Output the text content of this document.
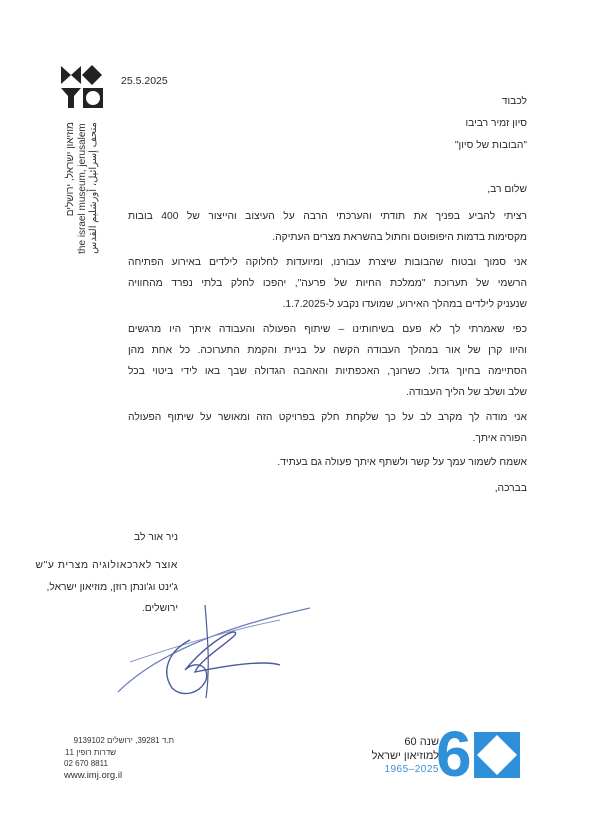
מוזיאון ישראל, ירושלים the israel museum, jerusalem متحف إسرائيل، أورشليم القدس
25.5.2025
לכבוד
סיון זמיר רביבו
"הבובות של סיון"
שלום רב,
רציתי להביע בפניך את תודתי והערכתי הרבה על העיצוב והייצור של 400 בובות
מקסימות בדמות היפופוטם וחתול בהשראת מצרים העתיקה.
אני סמוך ובטוח שהבובות שיצרת עבורנו, ומיועדות לחלוקה לילדים באירוע הפתיחה
הרשמי של תערוכת "ממלכת החיות של פרעה", יהפכו לחלק בלתי נפרד מהחוויה
שנעניק לילדים במהלך האירוע, שמועדו נקבע ל-1.7.2025.
כפי שאמרתי לך לא פעם בשיחותינו – שיתוף הפעולה והעבודה איתך היו מרגשים
והיוו קרן של אור במהלך העבודה הקשה על בניית והקמת התערוכה. כל אחת מהן
הסתיימה בחיוך גדול. כשרונך, האכפתיות והאהבה הגדולה שבך באו לידי ביטוי בכל
שלב ושלב של הליך העבודה.
אני מודה לך מקרב לב על כך שלקחת חלק בפרויקט הזה ומאושר על שיתוף הפעולה
הפורה איתך.
אשמח לשמור עמך על קשר ולשתף איתך פעולה גם בעתיד.
בברכה,
ניר אור לב
אוצר לארכאולוגיה מצרית ע"ש
ג'ינט וג'ונתן רוזן, מוזיאון ישראל,
ירושלים.
ת.ד 39281, ירושלים 9139102
שדרות רופין 11
02 670 8811
www.imj.org.il
שנה 60
למוזיאון ישראל
2025–1965
6
